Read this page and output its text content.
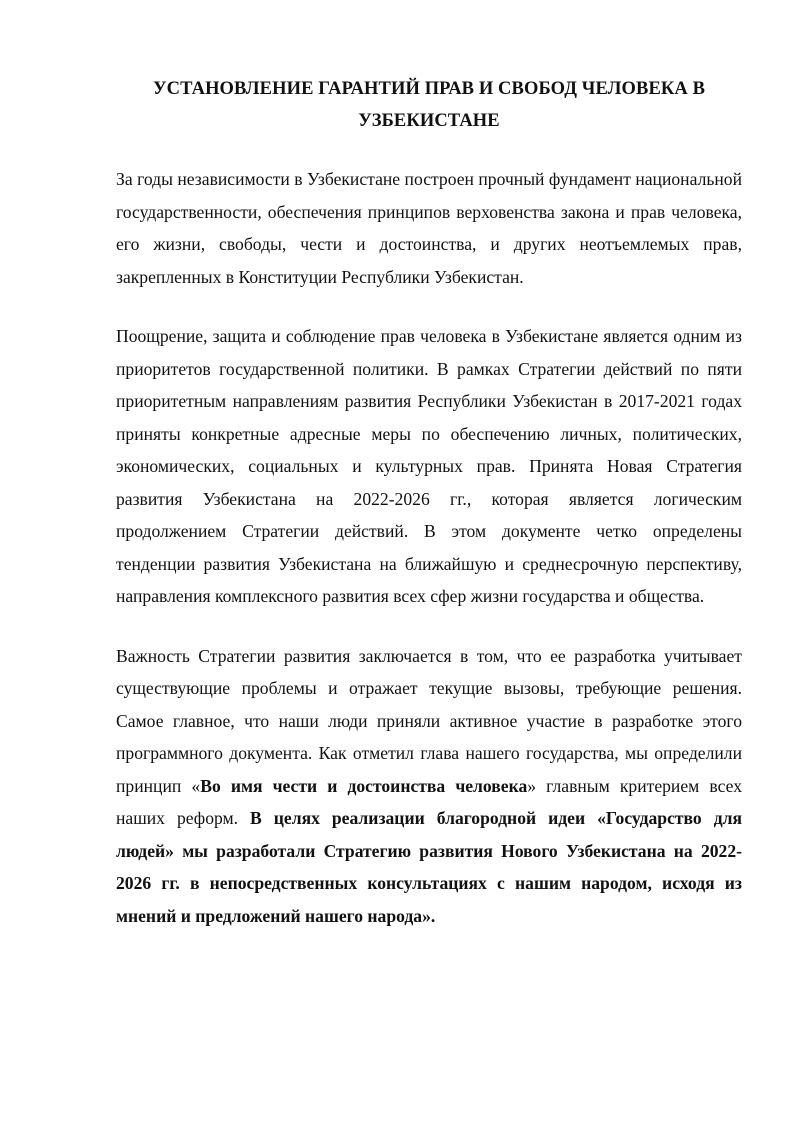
УСТАНОВЛЕНИЕ ГАРАНТИЙ ПРАВ И СВОБОД ЧЕЛОВЕКА В
УЗБЕКИСТАНЕ

За годы независимости в Узбекистане построен прочный фундамент национальной государственности, обеспечения принципов верховенства закона и прав человека, его жизни, свободы, чести и достоинства, и других неотъемлемых прав, закрепленных в Конституции Республики Узбекистан.

Поощрение, защита и соблюдение прав человека в Узбекистане является одним из приоритетов государственной политики. В рамках Стратегии действий по пяти приоритетным направлениям развития Республики Узбекистан в 2017-2021 годах приняты конкретные адресные меры по обеспечению личных, политических, экономических, социальных и культурных прав. Принята Новая Стратегия развития Узбекистана на 2022-2026 гг., которая является логическим продолжением Стратегии действий. В этом документе четко определены тенденции развития Узбекистана на ближайшую и среднесрочную перспективу, направления комплексного развития всех сфер жизни государства и общества.

Важность Стратегии развития заключается в том, что ее разработка учитывает существующие проблемы и отражает текущие вызовы, требующие решения. Самое главное, что наши люди приняли активное участие в разработке этого программного документа. Как отметил глава нашего государства, мы определили принцип «Во имя чести и достоинства человека» главным критерием всех наших реформ. В целях реализации благородной идеи «Государство для людей» мы разработали Стратегию развития Нового Узбекистана на 2022-2026 гг. в непосредственных консультациях с нашим народом, исходя из мнений и предложений нашего народа».
